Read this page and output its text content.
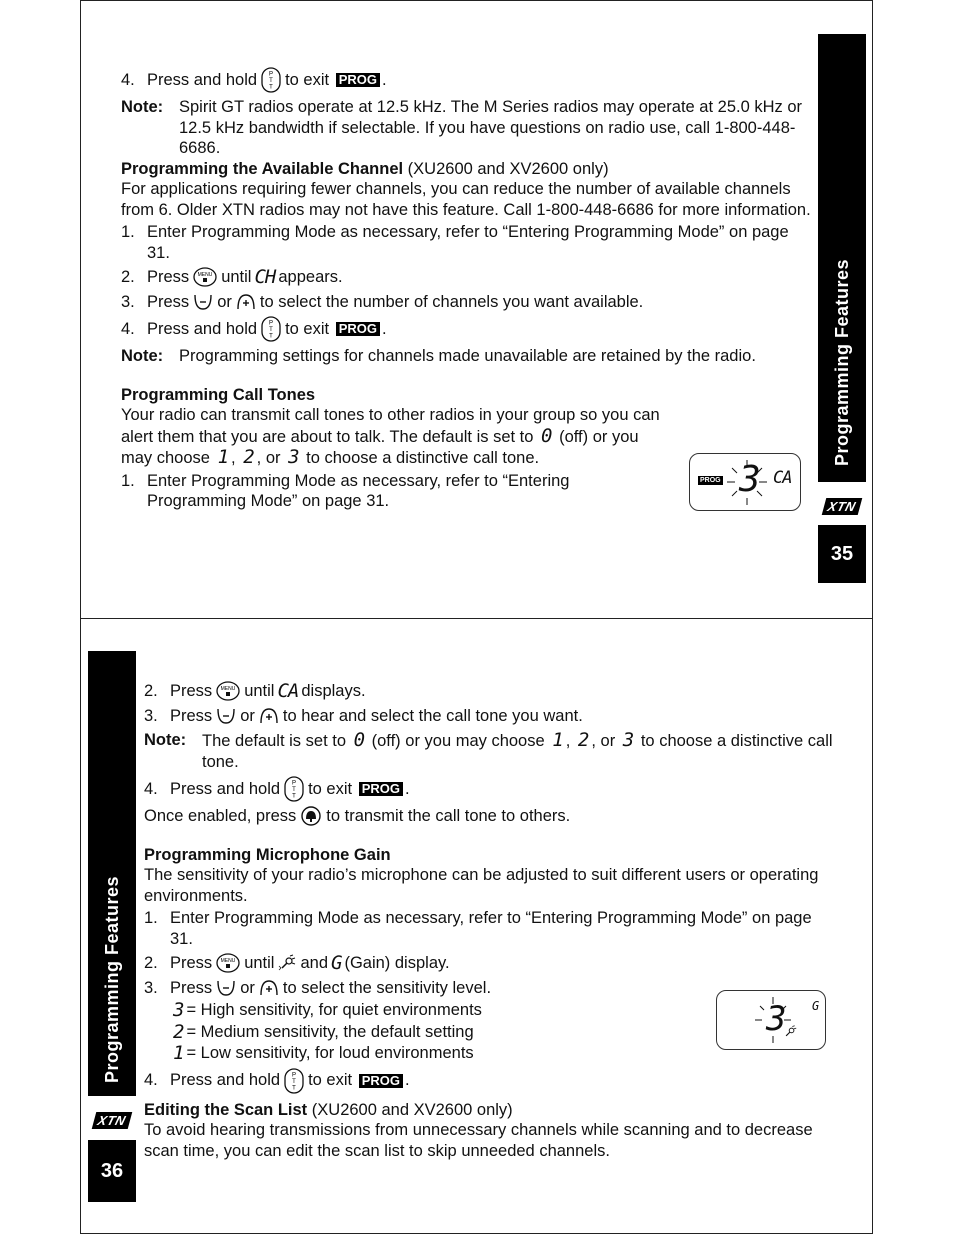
Programming Features
XTN
35
4. Press and hold P
T
T to exit
PROG .
Note: Spirit GT radios operate at 12.5 kHz. The M Series radios may operate at 25.0 kHz or 12.5 kHz bandwidth if selectable. If you have questions on radio use, call 1-800-448-6686.

Programming the Available Channel (XU2600 and XV2600 only)

For applications requiring fewer channels, you can reduce the number of available channels from 6. Older XTN radios may not have this feature. Call 1-800-448-6686 for more information.

1. Enter Programming Mode as necessary, refer to “Entering Programming Mode” on page 31.
2. Press MENU until CH appears.
3. Press or to select the number of channels you want available.
4. Press and hold P
T
T to exit
PROG .
Note: Programming settings for channels made unavailable are retained by the radio.

Programming Call Tones

Your radio can transmit call tones to other radios in your group so you can alert them that you are about to talk. The default is set to 0 (off) or you may choose 1 , 2 , or 3 to choose a distinctive call tone.

1. Enter Programming Mode as necessary, refer to “Entering Programming Mode” on page 31.
PROG 3 CA
Programming Features
XTN
36
2. Press MENU until CA displays.
3. Press or to hear and select the call tone you want.
Note: The default is set to 0 (off) or you may choose 1 , 2 , or 3 to choose a distinctive call tone.
4. Press and hold P
T
T to exit
PROG .
Once enabled, press to transmit the call tone to others.

Programming Microphone Gain

The sensitivity of your radio’s microphone can be adjusted to suit different users or operating environments.

1. Enter Programming Mode as necessary, refer to “Entering Programming Mode” on page 31.
2. Press MENU until and G (Gain) display.
3. Press or to select the sensitivity level.
3 = High sensitivity, for quiet environments
2 = Medium sensitivity, the default setting
1 = Low sensitivity, for loud environments
4. Press and hold P
T
T to exit
PROG .

Editing the Scan List (XU2600 and XV2600 only)

To avoid hearing transmissions from unnecessary channels while scanning and to decrease scan time, you can edit the scan list to skip unneeded channels.

3 G
